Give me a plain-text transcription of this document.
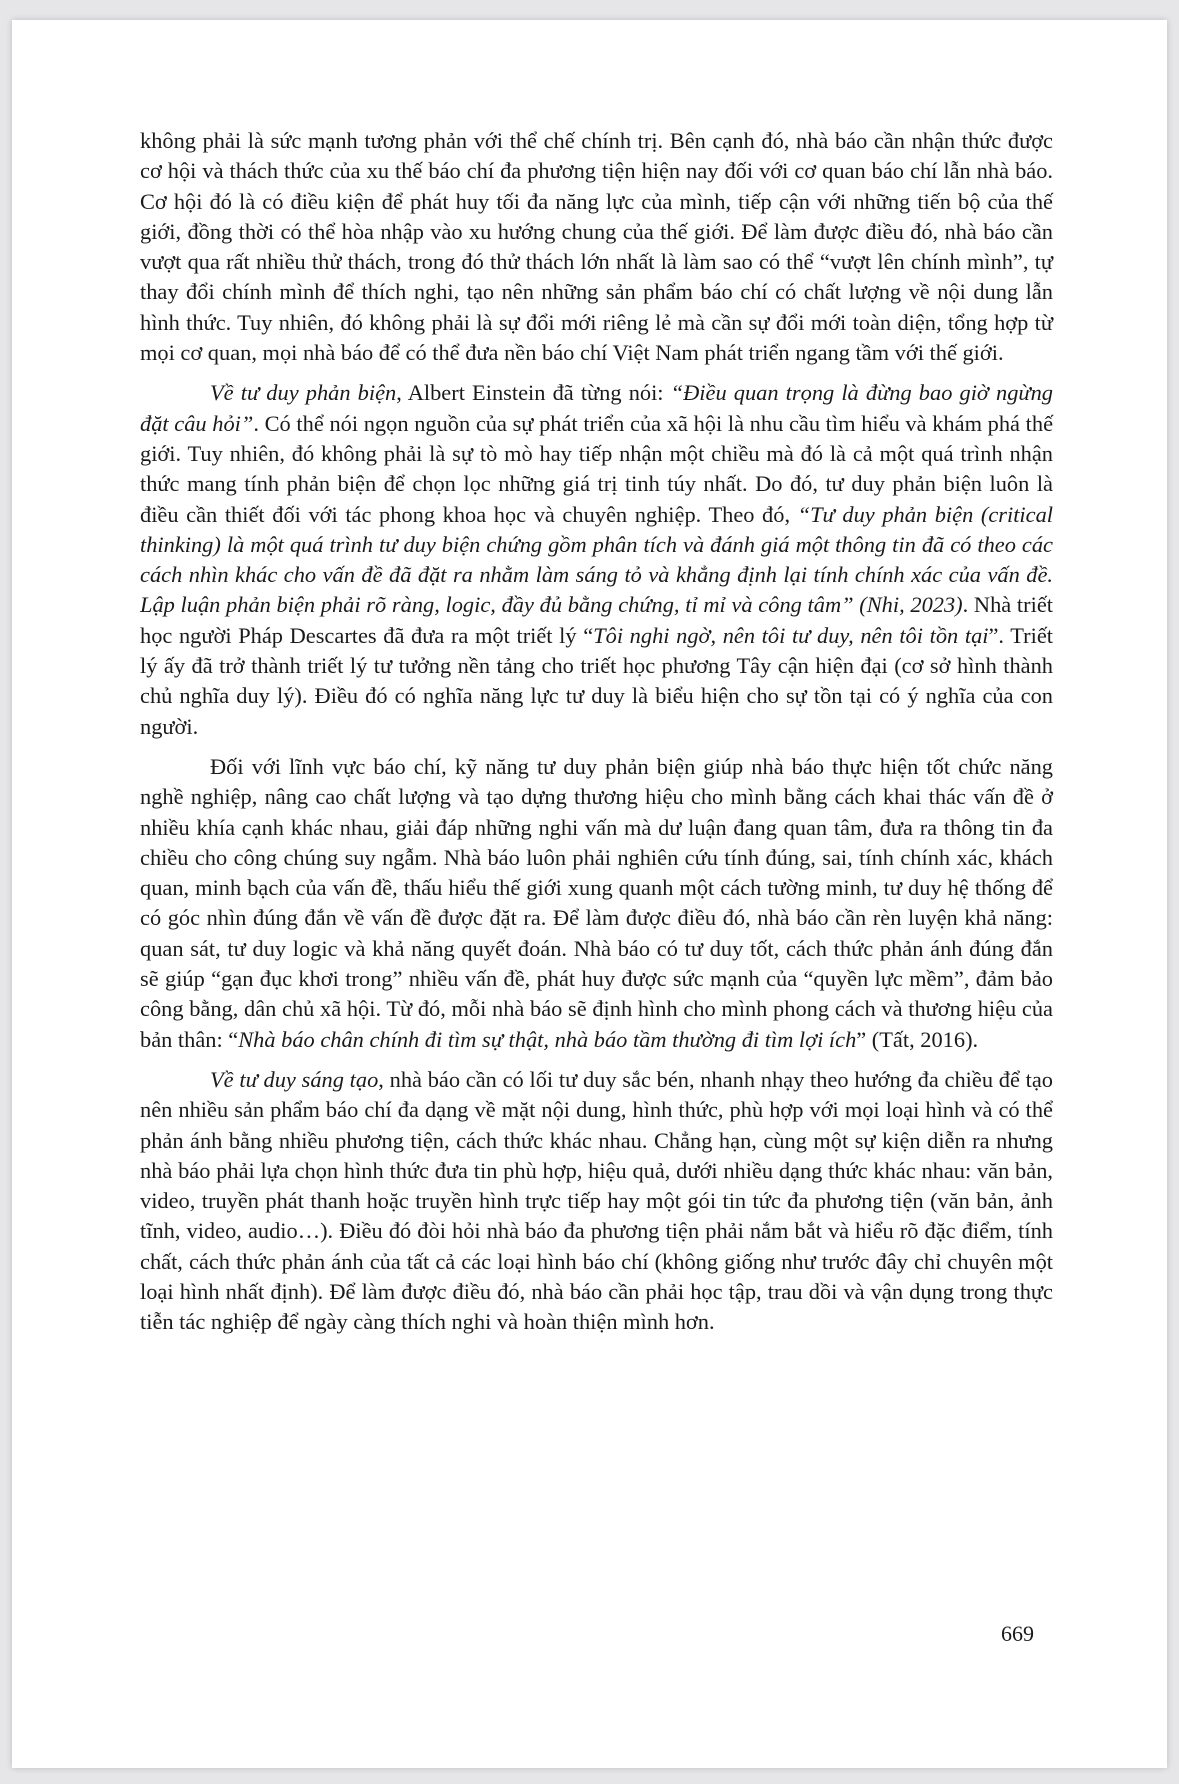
không phải là sức mạnh tương phản với thể chế chính trị. Bên cạnh đó, nhà báo cần nhận thức được cơ hội và thách thức của xu thế báo chí đa phương tiện hiện nay đối với cơ quan báo chí lẫn nhà báo. Cơ hội đó là có điều kiện để phát huy tối đa năng lực của mình, tiếp cận với những tiến bộ của thế giới, đồng thời có thể hòa nhập vào xu hướng chung của thế giới. Để làm được điều đó, nhà báo cần vượt qua rất nhiều thử thách, trong đó thử thách lớn nhất là làm sao có thể “vượt lên chính mình”, tự thay đổi chính mình để thích nghi, tạo nên những sản phẩm báo chí có chất lượng về nội dung lẫn hình thức. Tuy nhiên, đó không phải là sự đổi mới riêng lẻ mà cần sự đổi mới toàn diện, tổng hợp từ mọi cơ quan, mọi nhà báo để có thể đưa nền báo chí Việt Nam phát triển ngang tầm với thế giới.

Về tư duy phản biện, Albert Einstein đã từng nói: “Điều quan trọng là đừng bao giờ ngừng đặt câu hỏi”. Có thể nói ngọn nguồn của sự phát triển của xã hội là nhu cầu tìm hiểu và khám phá thế giới. Tuy nhiên, đó không phải là sự tò mò hay tiếp nhận một chiều mà đó là cả một quá trình nhận thức mang tính phản biện để chọn lọc những giá trị tinh túy nhất. Do đó, tư duy phản biện luôn là điều cần thiết đối với tác phong khoa học và chuyên nghiệp. Theo đó, “Tư duy phản biện (critical thinking) là một quá trình tư duy biện chứng gồm phân tích và đánh giá một thông tin đã có theo các cách nhìn khác cho vấn đề đã đặt ra nhằm làm sáng tỏ và khẳng định lại tính chính xác của vấn đề. Lập luận phản biện phải rõ ràng, logic, đầy đủ bằng chứng, tỉ mỉ và công tâm” (Nhi, 2023). Nhà triết học người Pháp Descartes đã đưa ra một triết lý “Tôi nghi ngờ, nên tôi tư duy, nên tôi tồn tại”. Triết lý ấy đã trở thành triết lý tư tưởng nền tảng cho triết học phương Tây cận hiện đại (cơ sở hình thành chủ nghĩa duy lý). Điều đó có nghĩa năng lực tư duy là biểu hiện cho sự tồn tại có ý nghĩa của con người.

Đối với lĩnh vực báo chí, kỹ năng tư duy phản biện giúp nhà báo thực hiện tốt chức năng nghề nghiệp, nâng cao chất lượng và tạo dựng thương hiệu cho mình bằng cách khai thác vấn đề ở nhiều khía cạnh khác nhau, giải đáp những nghi vấn mà dư luận đang quan tâm, đưa ra thông tin đa chiều cho công chúng suy ngẫm. Nhà báo luôn phải nghiên cứu tính đúng, sai, tính chính xác, khách quan, minh bạch của vấn đề, thấu hiểu thế giới xung quanh một cách tường minh, tư duy hệ thống để có góc nhìn đúng đắn về vấn đề được đặt ra. Để làm được điều đó, nhà báo cần rèn luyện khả năng: quan sát, tư duy logic và khả năng quyết đoán. Nhà báo có tư duy tốt, cách thức phản ánh đúng đắn sẽ giúp “gạn đục khơi trong” nhiều vấn đề, phát huy được sức mạnh của “quyền lực mềm”, đảm bảo công bằng, dân chủ xã hội. Từ đó, mỗi nhà báo sẽ định hình cho mình phong cách và thương hiệu của bản thân: “Nhà báo chân chính đi tìm sự thật, nhà báo tầm thường đi tìm lợi ích” (Tất, 2016).

Về tư duy sáng tạo, nhà báo cần có lối tư duy sắc bén, nhanh nhạy theo hướng đa chiều để tạo nên nhiều sản phẩm báo chí đa dạng về mặt nội dung, hình thức, phù hợp với mọi loại hình và có thể phản ánh bằng nhiều phương tiện, cách thức khác nhau. Chẳng hạn, cùng một sự kiện diễn ra nhưng nhà báo phải lựa chọn hình thức đưa tin phù hợp, hiệu quả, dưới nhiều dạng thức khác nhau: văn bản, video, truyền phát thanh hoặc truyền hình trực tiếp hay một gói tin tức đa phương tiện (văn bản, ảnh tĩnh, video, audio…). Điều đó đòi hỏi nhà báo đa phương tiện phải nắm bắt và hiểu rõ đặc điểm, tính chất, cách thức phản ánh của tất cả các loại hình báo chí (không giống như trước đây chỉ chuyên một loại hình nhất định). Để làm được điều đó, nhà báo cần phải học tập, trau dồi và vận dụng trong thực tiễn tác nghiệp để ngày càng thích nghi và hoàn thiện mình hơn.

669
